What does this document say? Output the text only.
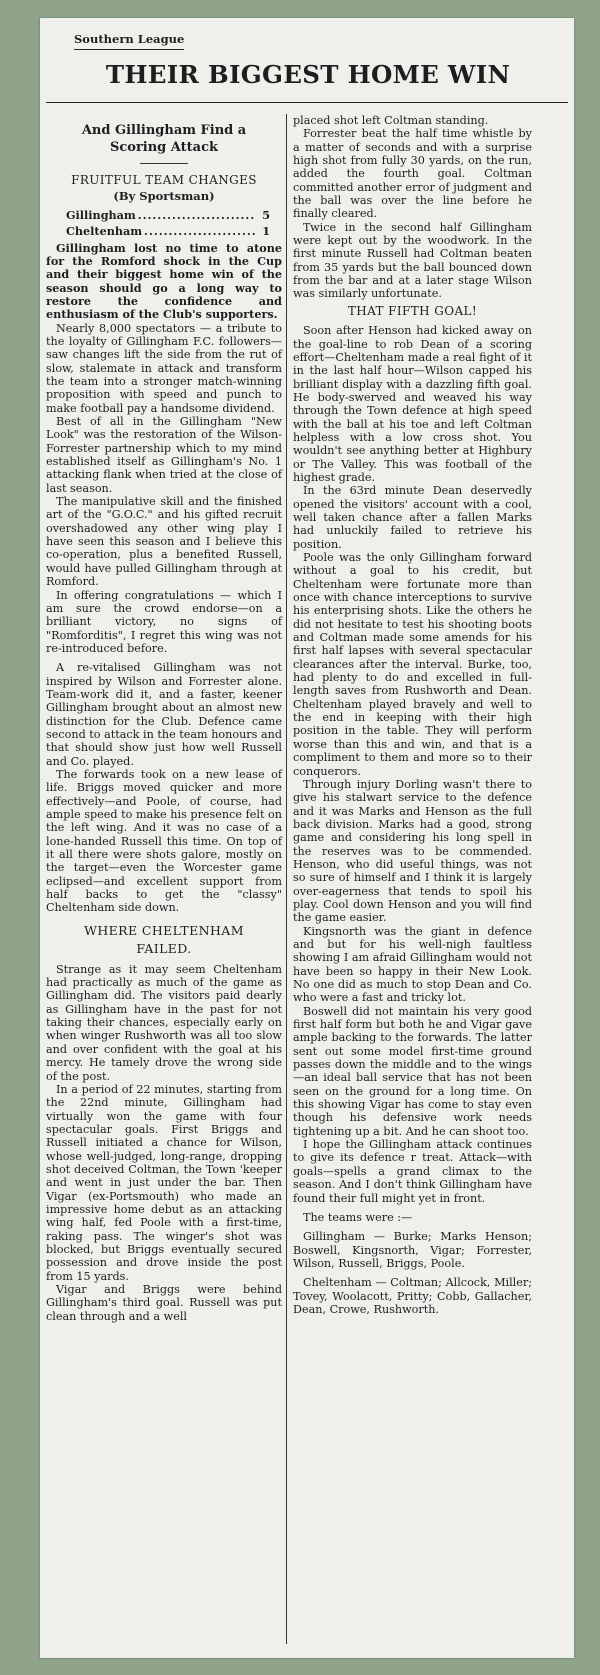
Southern League
THEIR BIGGEST HOME WIN
And Gillingham Find a
Scoring Attack
FRUITFUL TEAM CHANGES
(By Sportsman)
Gillingham .....	5
Cheltenham .....	1

Gillingham lost no time to atone for the Romford shock in the Cup and their biggest home win of the season should go a long way to restore the confidence and enthusiasm of the Club's supporters.

Nearly 8,000 spectators — a tribute to the loyalty of Gillingham F.C. followers—saw changes lift the side from the rut of slow, stalemate in attack and transform the team into a stronger match-winning proposition with speed and punch to make football pay a handsome dividend.

Best of all in the Gillingham "New Look" was the restoration of the Wilson-Forrester partnership which to my mind established itself as Gillingham's No. 1 attacking flank when tried at the close of last season.

The manipulative skill and the finished art of the "G.O.C." and his gifted recruit overshadowed any other wing play I have seen this season and I believe this co-operation, plus a benefited Russell, would have pulled Gillingham through at Romford.

In offering congratulations — which I am sure the crowd endorse—on a brilliant victory, no signs of "Romforditis", I regret this wing was not re-introduced before.

A re-vitalised Gillingham was not inspired by Wilson and Forrester alone. Team-work did it, and a faster, keener Gillingham brought about an almost new distinction for the Club. Defence came second to attack in the team honours and that should show just how well Russell and Co. played.

The forwards took on a new lease of life. Briggs moved quicker and more effectively—and Poole, of course, had ample speed to make his presence felt on the left wing. And it was no case of a lone-handed Russell this time. On top of it all there were shots galore, mostly on the target—even the Worcester game eclipsed—and excellent support from half backs to get the "classy" Cheltenham side down.

WHERE CHELTENHAM
FAILED.

Strange as it may seem Cheltenham had practically as much of the game as Gillingham did. The visitors paid dearly as Gillingham have in the past for not taking their chances, especially early on when winger Rushworth was all too slow and over confident with the goal at his mercy. He tamely drove the wrong side of the post.

In a period of 22 minutes, starting from the 22nd minute, Gillingham had virtually won the game with four spectacular goals. First Briggs and Russell initiated a chance for Wilson, whose well-judged, long-range, dropping shot deceived Coltman, the Town 'keeper and went in just under the bar. Then Vigar (ex-Portsmouth) who made an impressive home debut as an attacking wing half, fed Poole with a first-time, raking pass. The winger's shot was blocked, but Briggs eventually secured possession and drove inside the post from 15 yards.

Vigar and Briggs were behind Gillingham's third goal. Russell was put clean through and a well

placed shot left Coltman standing.

Forrester beat the half time whistle by a matter of seconds and with a surprise high shot from fully 30 yards, on the run, added the fourth goal. Coltman committed another error of judgment and the ball was over the line before he finally cleared.

Twice in the second half Gillingham were kept out by the woodwork. In the first minute Russell had Coltman beaten from 35 yards but the ball bounced down from the bar and at a later stage Wilson was similarly unfortunate.

THAT FIFTH GOAL!

Soon after Henson had kicked away on the goal-line to rob Dean of a scoring effort—Cheltenham made a real fight of it in the last half hour—Wilson capped his brilliant display with a dazzling fifth goal. He body-swerved and weaved his way through the Town defence at high speed with the ball at his toe and left Coltman helpless with a low cross shot. You wouldn't see anything better at Highbury or The Valley. This was football of the highest grade.

In the 63rd minute Dean deservedly opened the visitors' account with a cool, well taken chance after a fallen Marks had unluckily failed to retrieve his position.

Poole was the only Gillingham forward without a goal to his credit, but Cheltenham were fortunate more than once with chance interceptions to survive his enterprising shots. Like the others he did not hesitate to test his shooting boots and Coltman made some amends for his first half lapses with several spectacular clearances after the interval. Burke, too, had plenty to do and excelled in full-length saves from Rushworth and Dean. Cheltenham played bravely and well to the end in keeping with their high position in the table. They will perform worse than this and win, and that is a compliment to them and more so to their conquerors.

Through injury Dorling wasn't there to give his stalwart service to the defence and it was Marks and Henson as the full back division. Marks had a good, strong game and considering his long spell in the reserves was to be commended. Henson, who did useful things, was not so sure of himself and I think it is largely over-eagerness that tends to spoil his play. Cool down Henson and you will find the game easier.

Kingsnorth was the giant in defence and but for his well-nigh faultless showing I am afraid Gillingham would not have been so happy in their New Look. No one did as much to stop Dean and Co. who were a fast and tricky lot.

Boswell did not maintain his very good first half form but both he and Vigar gave ample backing to the forwards. The latter sent out some model first-time ground passes down the middle and to the wings—an ideal ball service that has not been seen on the ground for a long time. On this showing Vigar has come to stay even though his defensive work needs tightening up a bit. And he can shoot too.

I hope the Gillingham attack continues to give its defence r treat. Attack—with goals—spells a grand climax to the season. And I don't think Gillingham have found their full might yet in front.

The teams were :—

Gillingham — Burke; Marks Henson; Boswell, Kingsnorth, Vigar; Forrester, Wilson, Russell, Briggs, Poole.

Cheltenham — Coltman; Allcock, Miller; Tovey, Woolacott, Pritty; Cobb, Gallacher, Dean, Crowe, Rushworth.
